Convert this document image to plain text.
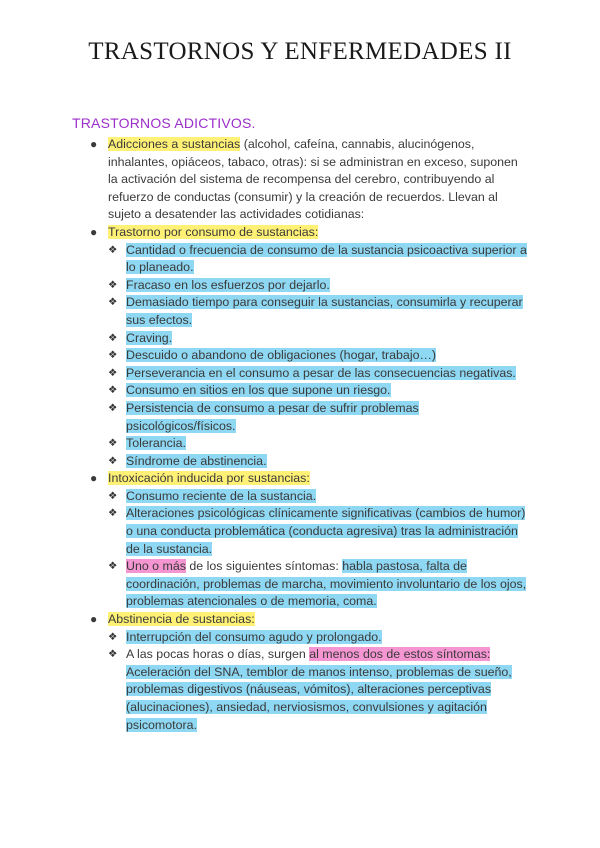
TRASTORNOS Y ENFERMEDADES II
TRASTORNOS ADICTIVOS.
● Adicciones a sustancias (alcohol, cafeína, cannabis, alucinógenos, inhalantes, opiáceos, tabaco, otras): si se administran en exceso, suponen la activación del sistema de recompensa del cerebro, contribuyendo al refuerzo de conductas (consumir) y la creación de recuerdos. Llevan al sujeto a desatender las actividades cotidianas:
● Trastorno por consumo de sustancias:
❖ Cantidad o frecuencia de consumo de la sustancia psicoactiva superior a lo planeado.
❖ Fracaso en los esfuerzos por dejarlo.
❖ Demasiado tiempo para conseguir la sustancias, consumirla y recuperar sus efectos.
❖ Craving.
❖ Descuido o abandono de obligaciones (hogar, trabajo…)
❖ Perseverancia en el consumo a pesar de las consecuencias negativas.
❖ Consumo en sitios en los que supone un riesgo.
❖ Persistencia de consumo a pesar de sufrir problemas psicológicos/físicos.
❖ Tolerancia.
❖ Síndrome de abstinencia.
● Intoxicación inducida por sustancias:
❖ Consumo reciente de la sustancia.
❖ Alteraciones psicológicas clínicamente significativas (cambios de humor) o una conducta problemática (conducta agresiva) tras la administración de la sustancia.
❖ Uno o más de los siguientes síntomas: habla pastosa, falta de coordinación, problemas de marcha, movimiento involuntario de los ojos, problemas atencionales o de memoria, coma.
● Abstinencia de sustancias:
❖ Interrupción del consumo agudo y prolongado.
❖ A las pocas horas o días, surgen al menos dos de estos síntomas: Aceleración del SNA, temblor de manos intenso, problemas de sueño, problemas digestivos (náuseas, vómitos), alteraciones perceptivas (alucinaciones), ansiedad, nerviosismos, convulsiones y agitación psicomotora.
